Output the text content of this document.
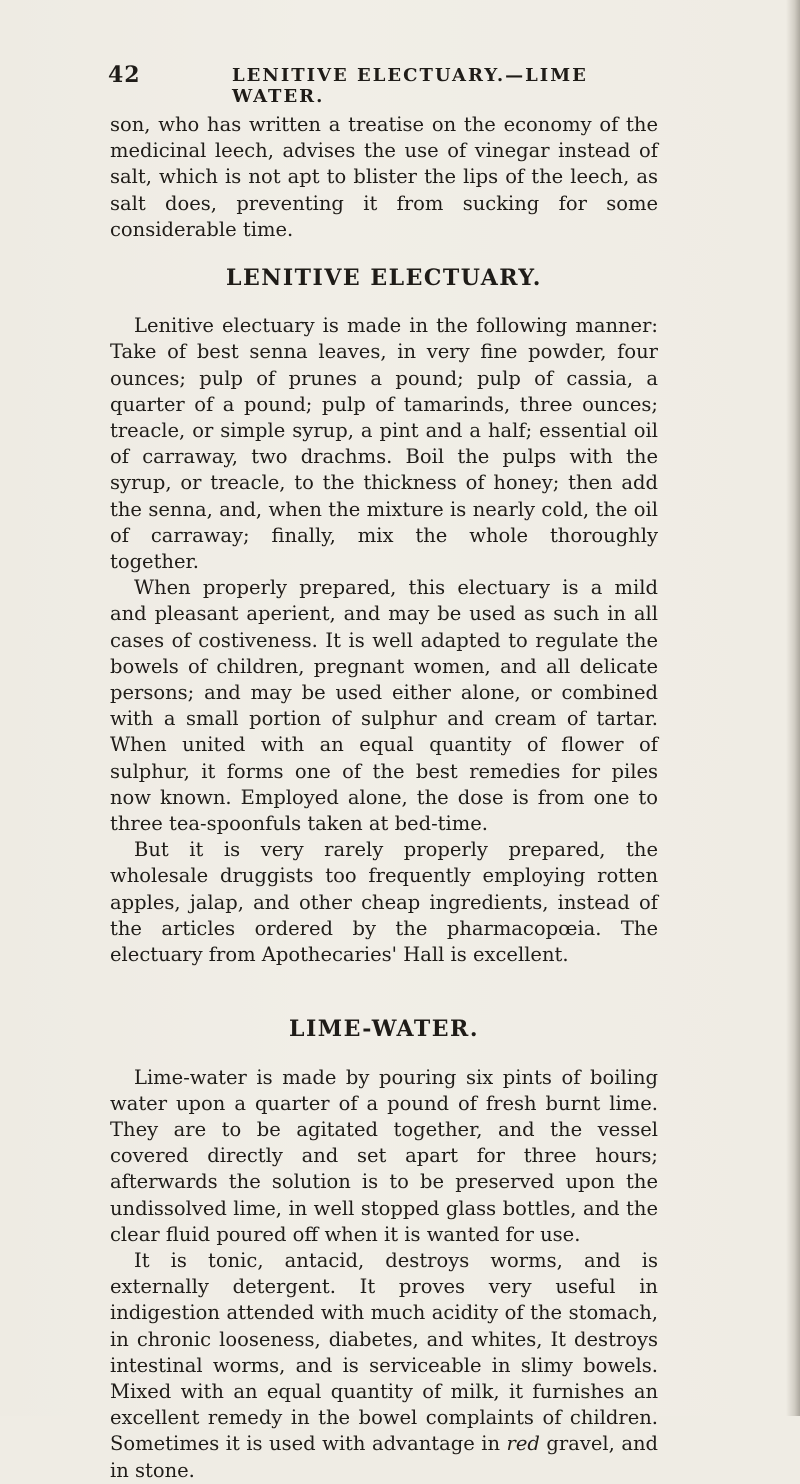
42	LENITIVE ELECTUARY.—LIME WATER.

son, who has written a treatise on the economy of the medicinal leech, advises the use of vinegar instead of salt, which is not apt to blister the lips of the leech, as salt does, preventing it from sucking for some considerable time.

LENITIVE ELECTUARY.

Lenitive electuary is made in the following manner: Take of best senna leaves, in very fine powder, four ounces; pulp of prunes a pound; pulp of cassia, a quarter of a pound; pulp of tamarinds, three ounces; treacle, or simple syrup, a pint and a half; essential oil of carraway, two drachms. Boil the pulps with the syrup, or treacle, to the thickness of honey; then add the senna, and, when the mixture is nearly cold, the oil of carraway; finally, mix the whole thoroughly together.

When properly prepared, this electuary is a mild and pleasant aperient, and may be used as such in all cases of costiveness. It is well adapted to regulate the bowels of children, pregnant women, and all delicate persons; and may be used either alone, or combined with a small portion of sulphur and cream of tartar. When united with an equal quantity of flower of sulphur, it forms one of the best remedies for piles now known. Employed alone, the dose is from one to three tea-spoonfuls taken at bed-time.

But it is very rarely properly prepared, the wholesale druggists too frequently employing rotten apples, jalap, and other cheap ingredients, instead of the articles ordered by the pharmacopœia. The electuary from Apothecaries' Hall is excellent.

LIME-WATER.

Lime-water is made by pouring six pints of boiling water upon a quarter of a pound of fresh burnt lime. They are to be agitated together, and the vessel covered directly and set apart for three hours; afterwards the solution is to be preserved upon the undissolved lime, in well stopped glass bottles, and the clear fluid poured off when it is wanted for use.

It is tonic, antacid, destroys worms, and is externally detergent. It proves very useful in indigestion attended with much acidity of the stomach, in chronic looseness, diabetes, and whites, It destroys intestinal worms, and is serviceable in slimy bowels. Mixed with an equal quantity of milk, it furnishes an excellent remedy in the bowel complaints of children. Sometimes it is used with advantage in red gravel, and in stone.
